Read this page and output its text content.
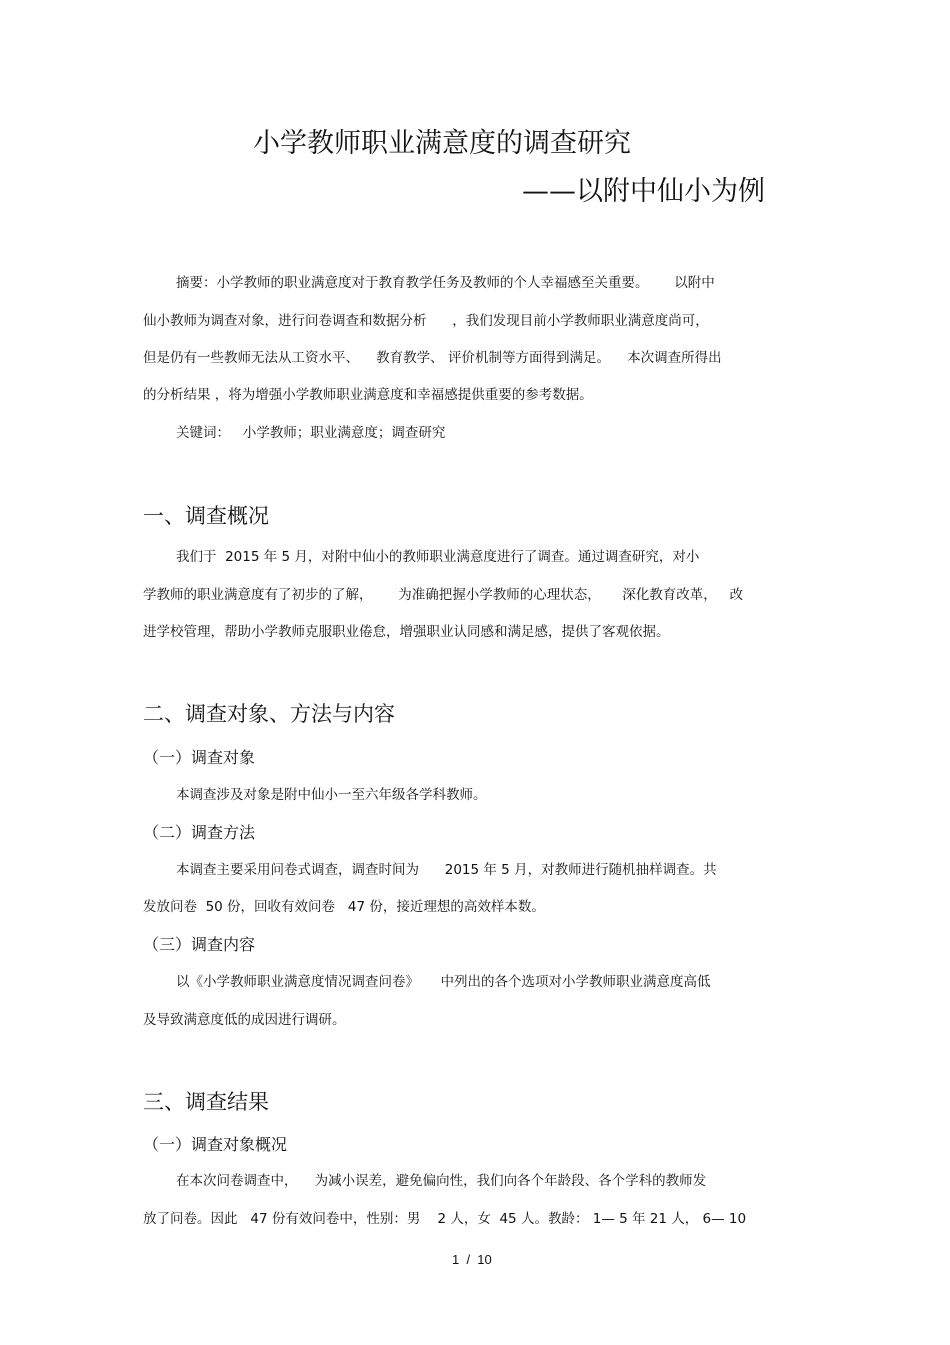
小学教师职业满意度的调查研究
——以附中仙小为例
摘要：小学教师的职业满意度对于教育教学任务及教师的个人幸福感至关重要。      以附中
仙小教师为调查对象，进行问卷调查和数据分析      ，我们发现目前小学教师职业满意度尚可，
但是仍有一些教师无法从工资水平、    教育教学、 评价机制等方面得到满足。    本次调查所得出
的分析结果 ，将为增强小学教师职业满意度和幸福感提供重要的参考数据。
关键词：   小学教师；职业满意度；调查研究
一、调查概况
我们于  2015 年 5 月，对附中仙小的教师职业满意度进行了调查。通过调查研究，对小
学教师的职业满意度有了初步的了解，      为准确把握小学教师的心理状态，     深化教育改革，   改
进学校管理，帮助小学教师克服职业倦怠，增强职业认同感和满足感，提供了客观依据。
二、调查对象、方法与内容
（一）调查对象
本调查涉及对象是附中仙小一至六年级各学科教师。
（二）调查方法
本调查主要采用问卷式调查，调查时间为      2015 年 5 月，对教师进行随机抽样调查。共
发放问卷  50 份，回收有效问卷   47 份，接近理想的高效样本数。
（三）调查内容
以《小学教师职业满意度情况调查问卷》     中列出的各个选项对小学教师职业满意度高低
及导致满意度低的成因进行调研。
三、调查结果
（一）调查对象概况
在本次问卷调查中，    为减小误差，避免偏向性，我们向各个年龄段、各个学科的教师发
放了问卷。因此   47 份有效问卷中，性别：男    2 人，女  45 人。教龄： 1— 5 年 21 人， 6— 10
1  /  10
